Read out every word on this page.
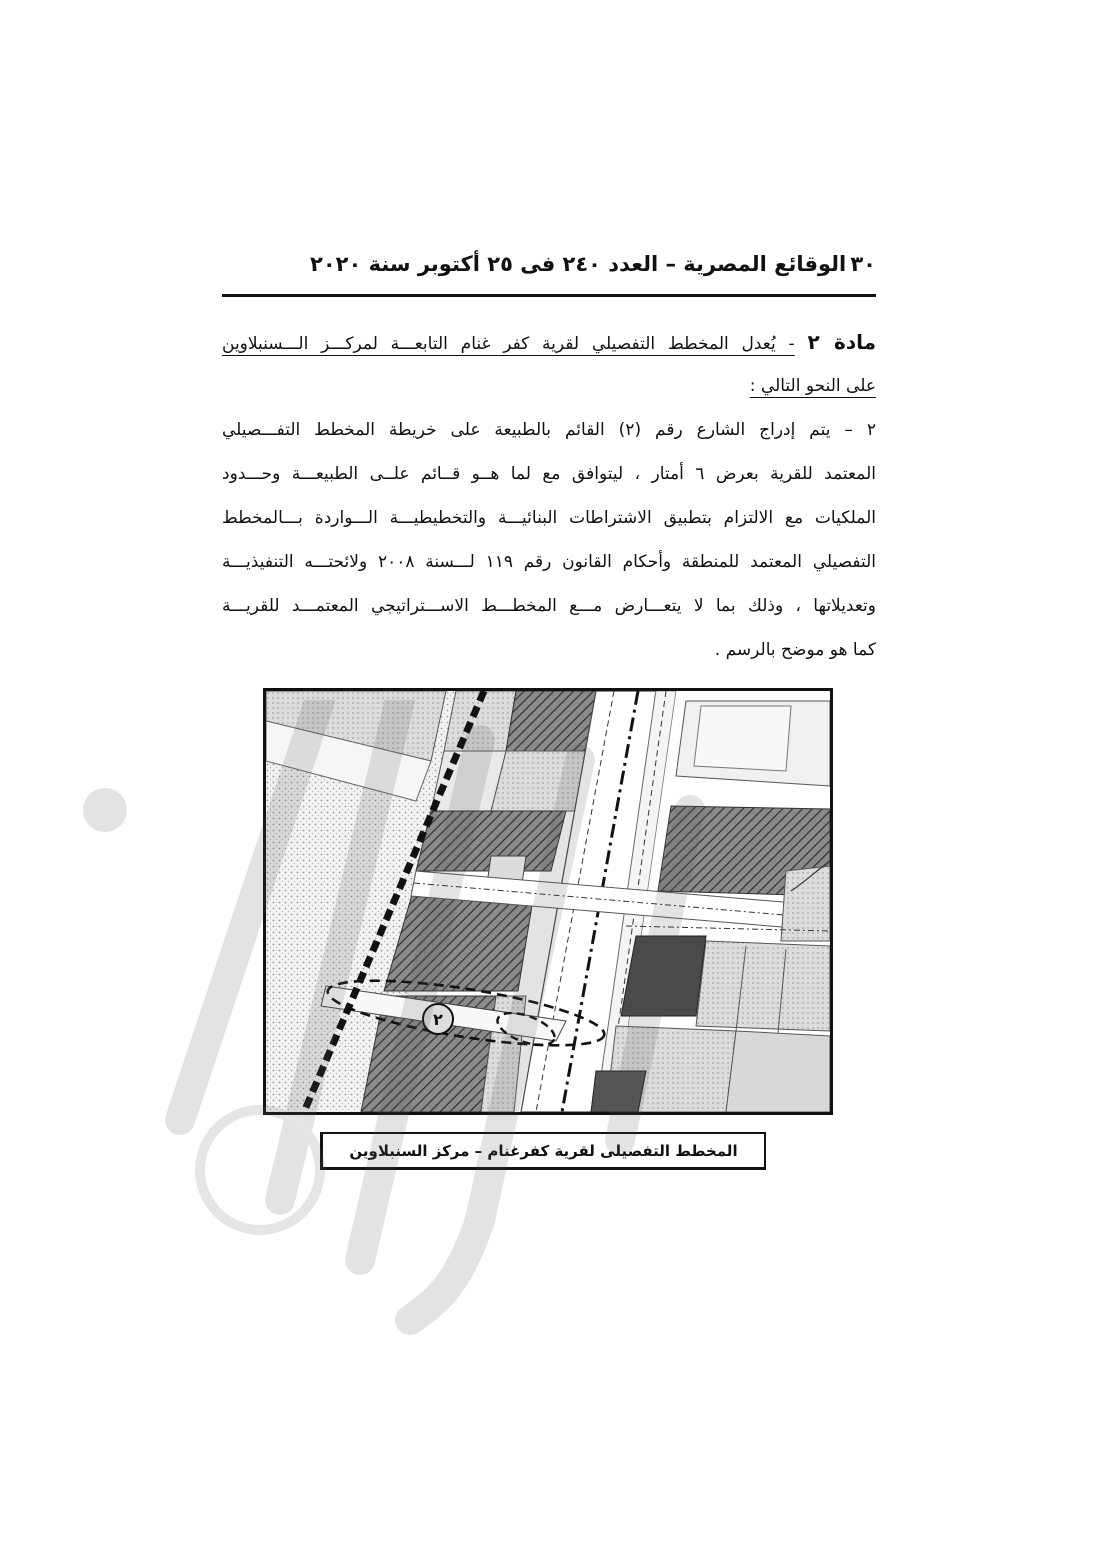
٣٠
الوقائع المصرية – العدد ٢٤٠ فى ٢٥ أكتوبر سنة ٢٠٢٠
مادة ٢ - يُعدل المخطط التفصيلي لقرية كفر غنام التابعـــة لمركـــز الـــسنبلاوين
على النحو التالي :
٢ – يتم إدراج الشارع رقم (٢) القائم بالطبيعة على خريطة المخطط التفـــصيلي
المعتمد للقرية بعرض ٦ أمتار ، ليتوافق مع لما هــو قــائم علــى الطبيعـــة وحـــدود
الملكيات مع الالتزام بتطبيق الاشتراطات البنائيـــة والتخطيطيـــة الـــواردة بـــالمخطط
التفصيلي المعتمد للمنطقة وأحكام القانون رقم ١١٩ لـــسنة ٢٠٠٨ ولائحتـــه التنفيذيـــة
وتعديلاتها ، وذلك بما لا يتعـــارض مـــع المخطـــط الاســـتراتيجي المعتمـــد للقريـــة
كما هو موضح بالرسم .
٢
المخطط التفصيلى لقرية كفرغنام – مركز السنبلاوين
